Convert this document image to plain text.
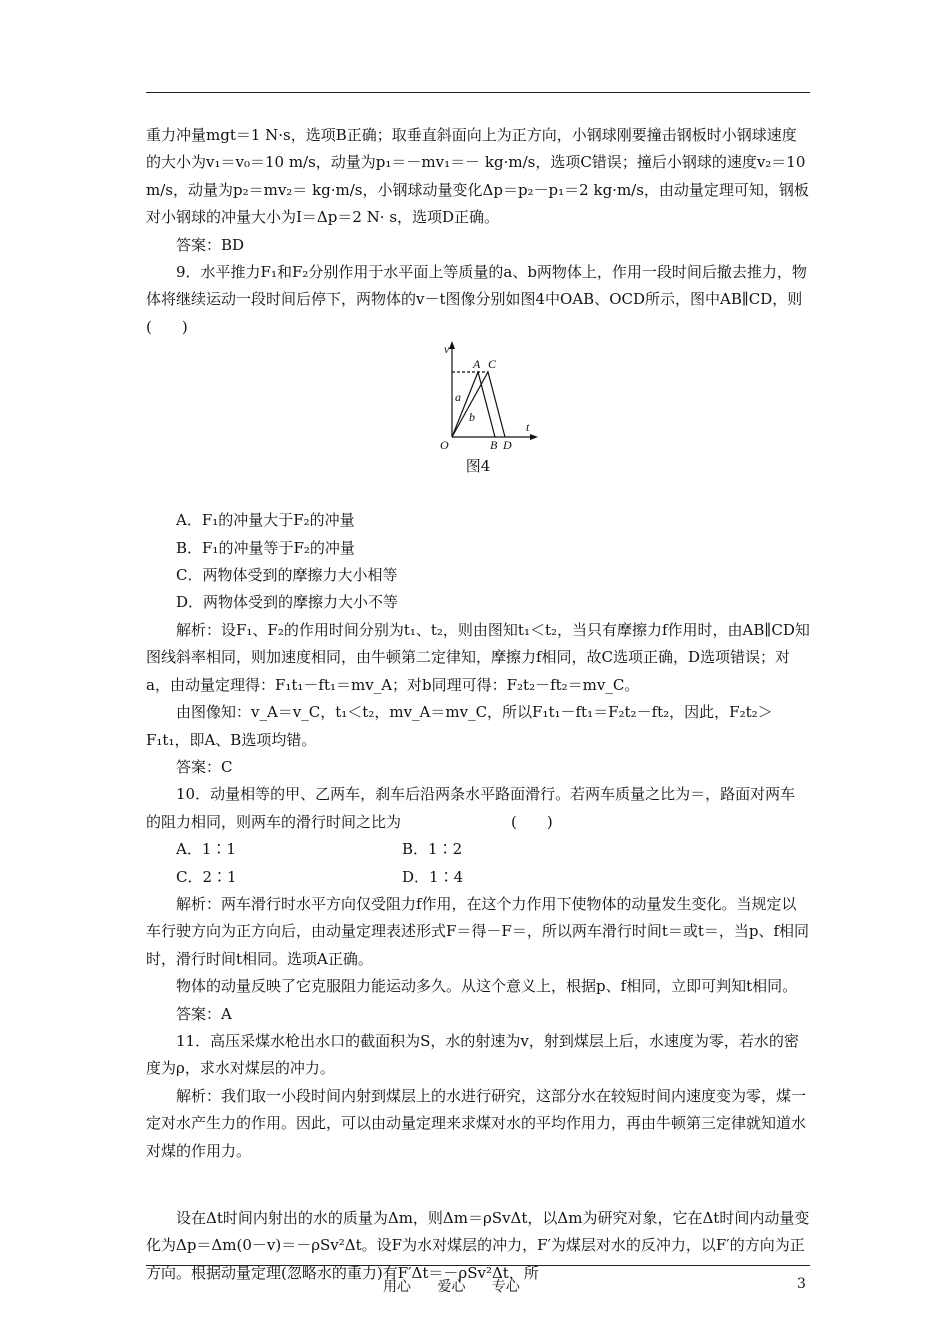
重力冲量mgt＝1 N·s，选项B正确；取垂直斜面向上为正方向，小钢球刚要撞击钢板时小钢球速度的大小为v₁＝v₀＝10 m/s，动量为p₁＝－mv₁＝－ kg·m/s，选项C错误；撞后小钢球的速度v₂＝10 m/s，动量为p₂＝mv₂＝ kg·m/s，小钢球动量变化Δp＝p₂－p₁＝2 kg·m/s，由动量定理可知，钢板对小钢球的冲量大小为I＝Δp＝2 N· s，选项D正确。

答案：BD

9．水平推力F₁和F₂分别作用于水平面上等质量的a、b两物体上，作用一段时间后撤去推力，物体将继续运动一段时间后停下，两物体的v－t图像分别如图4中OAB、OCD所示，图中AB∥CD，则(　　)

v
t
O
A C
B D
a
b

图4

A．F₁的冲量大于F₂的冲量

B．F₁的冲量等于F₂的冲量

C．两物体受到的摩擦力大小相等

D．两物体受到的摩擦力大小不等

解析：设F₁、F₂的作用时间分别为t₁、t₂，则由图知t₁＜t₂，当只有摩擦力f作用时，由AB∥CD知图线斜率相同，则加速度相同，由牛顿第二定律知，摩擦力f相同，故C选项正确，D选项错误；对a，由动量定理得：F₁t₁－ft₁＝mv_A；对b同理可得：F₂t₂－ft₂＝mv_C。

由图像知：v_A＝v_C，t₁＜t₂，mv_A＝mv_C，所以F₁t₁－ft₁＝F₂t₂－ft₂，因此，F₂t₂＞F₁t₁，即A、B选项均错。

答案：C

10．动量相等的甲、乙两车，刹车后沿两条水平路面滑行。若两车质量之比为＝，路面对两车的阻力相同，则两车的滑行时间之比为	(　　)

A．1∶1	B．1∶2
C．2∶1	D．1∶4

解析：两车滑行时水平方向仅受阻力f作用，在这个力作用下使物体的动量发生变化。当规定以车行驶方向为正方向后，由动量定理表述形式F＝得－F＝，所以两车滑行时间t＝或t＝，当p、f相同时，滑行时间t相同。选项A正确。

物体的动量反映了它克服阻力能运动多久。从这个意义上，根据p、f相同，立即可判知t相同。

答案：A

11．高压采煤水枪出水口的截面积为S，水的射速为v，射到煤层上后，水速度为零，若水的密度为ρ，求水对煤层的冲力。

解析：我们取一小段时间内射到煤层上的水进行研究，这部分水在较短时间内速度变为零，煤一定对水产生力的作用。因此，可以由动量定理来求煤对水的平均作用力，再由牛顿第三定律就知道水对煤的作用力。

设在Δt时间内射出的水的质量为Δm，则Δm＝ρSvΔt，以Δm为研究对象，它在Δt时间内动量变化为Δp＝Δm(0－v)＝－ρSv²Δt。设F为水对煤层的冲力，F′为煤层对水的反冲力，以F′的方向为正方向。根据动量定理(忽略水的重力)有F′Δt＝－ρSv²Δt，所

用心 爱心 专心	3
